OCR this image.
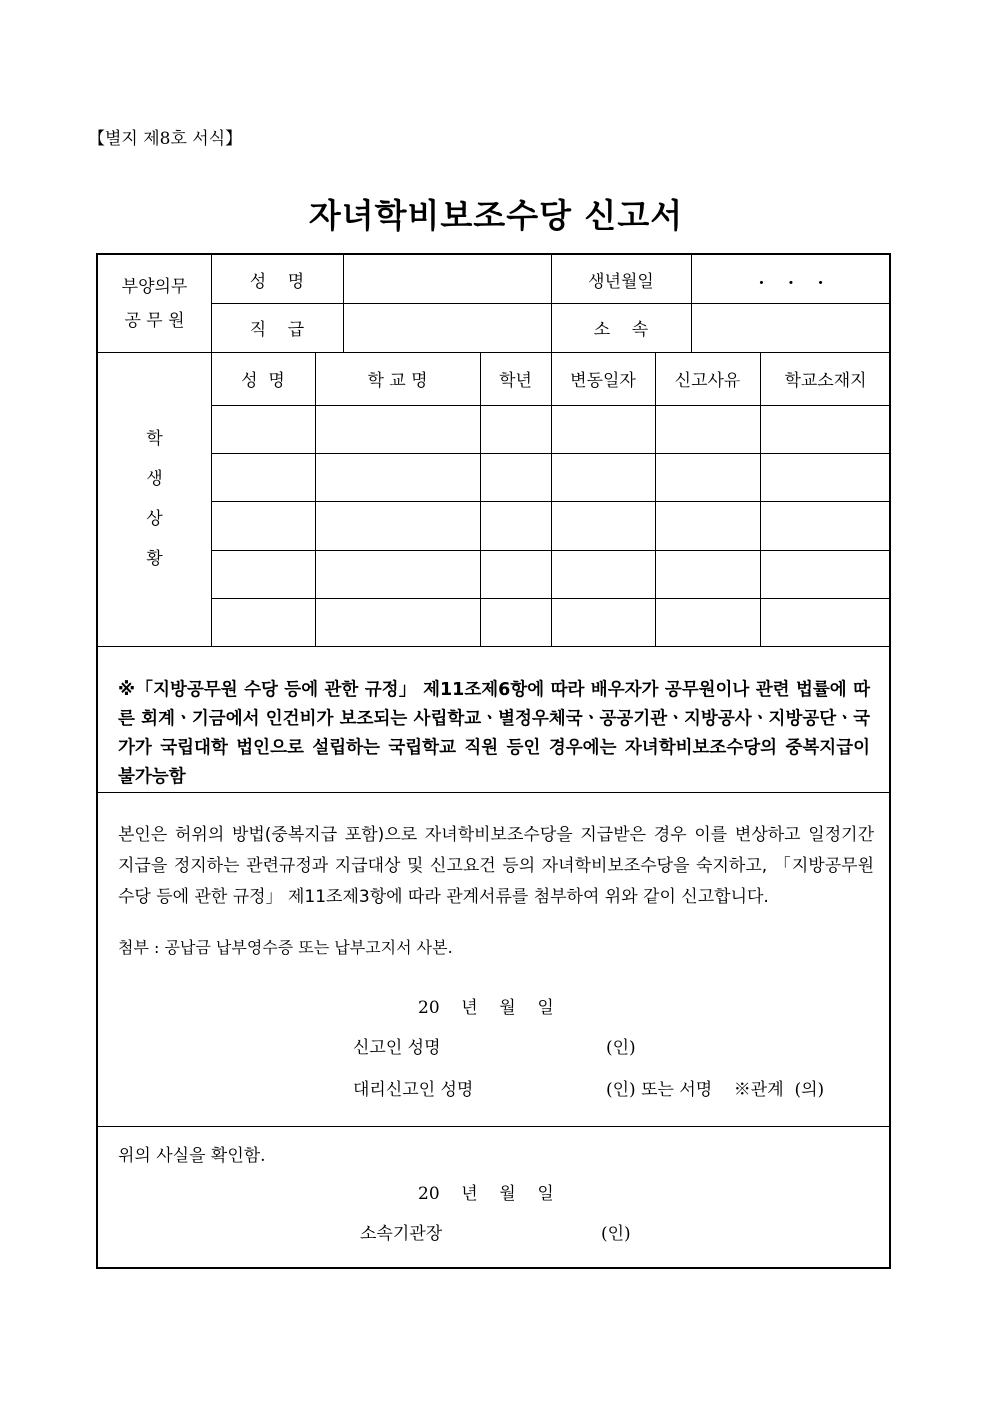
【별지 제8호 서식】
자녀학비보조수당 신고서
부양의무
공 무 원
성    명	생년월일	.    .    .
직    급	소    속
학
생
상
황
성  명	학 교 명	학년	변동일자	신고사유	학교소재지
※「지방공무원 수당 등에 관한 규정」 제11조제6항에 따라 배우자가 공무원이나 관련 법률에 따른 회계ㆍ기금에서 인건비가 보조되는 사립학교ㆍ별정우체국ㆍ공공기관ㆍ지방공사ㆍ지방공단ㆍ국가가 국립대학 법인으로 설립하는 국립학교 직원 등인 경우에는 자녀학비보조수당의 중복지급이 불가능함
본인은 허위의 방법(중복지급 포함)으로 자녀학비보조수당을 지급받은 경우 이를 변상하고 일정기간 지급을 정지하는 관련규정과 지급대상 및 신고요건 등의 자녀학비보조수당을 숙지하고, 「지방공무원 수당 등에 관한 규정」 제11조제3항에 따라 관계서류를 첨부하여 위와 같이 신고합니다.
첨부 : 공납금 납부영수증 또는 납부고지서 사본.
20    년    월    일
신고인 성명	(인)
대리신고인 성명	(인) 또는 서명    ※관계  (의)
위의 사실을 확인함.
20    년    월    일
소속기관장	(인)
